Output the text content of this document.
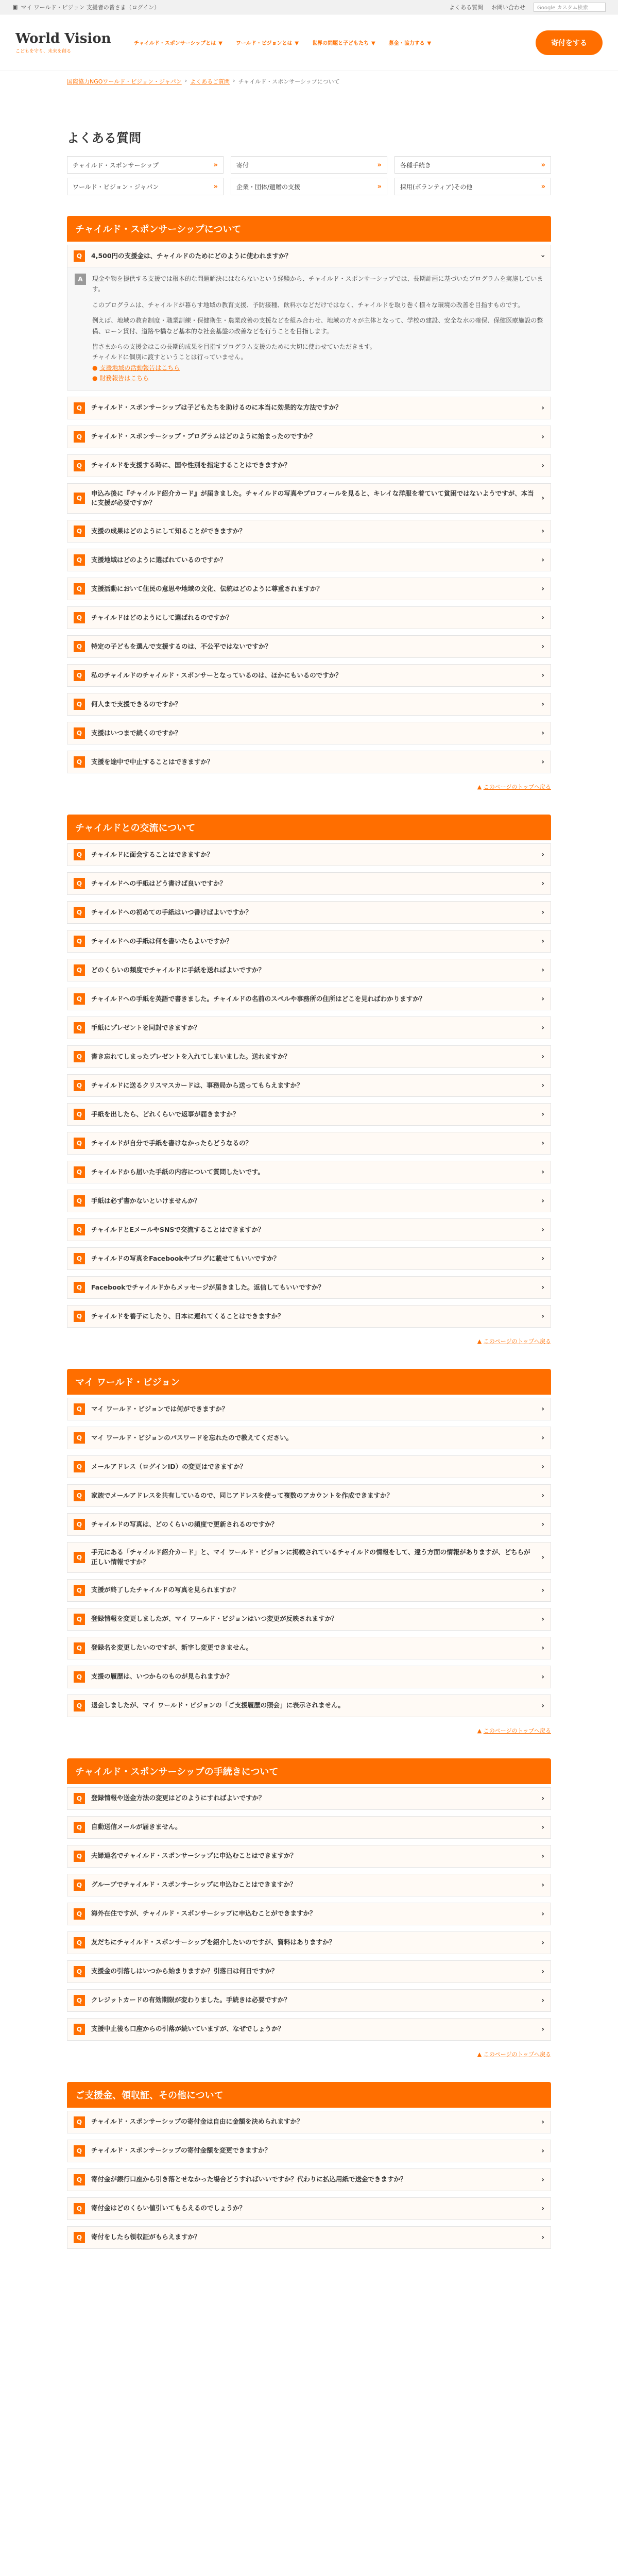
▣ マイ ワールド・ビジョン 支援者の皆さま（ログイン）	よくある質問 お問い合わせ	Google カスタム検索
World Vision
こどもを守り、未来を創る
チャイルド・スポンサーシップとは ▼	ワールド・ビジョンとは ▼	世界の問題と子どもたち ▼	募金・協力する ▼	寄付をする
国際協力NGOワールド・ビジョン・ジャパン › よくあるご質問 › チャイルド・スポンサーシップについて
よくある質問
チャイルド・スポンサーシップ	»	寄付	»	各種手続き	»
ワールド・ビジョン・ジャパン	»	企業・団体/遺贈の支援	»	採用(ボランティア)その他	»
チャイルド・スポンサーシップについて
Q	4,500円の支援金は、チャイルドのためにどのように使われますか？	›
A	現金や物を提供する支援では根本的な問題解決にはならないという経験から、チャイルド・スポンサーシップでは、長期計画に基づいたプログラムを実施しています。

このプログラムは、チャイルドが暮らす地域の教育支援、予防接種、飲料水などだけではなく、チャイルドを取り巻く様々な環境の改善を目指すものです。

例えば、地域の教育制度・職業訓練・保健衛生・農業改善の支援などを組み合わせ、地域の方々が主体となって、学校の建設、安全な水の確保、保健医療施設の整備、ローン貸付、道路や橋など基本的な社会基盤の改善などを行うことを目指します。

皆さまからの支援金はこの長期的成果を目指すプログラム支援のために大切に使わせていただきます。
チャイルドに個別に渡すということは行っていません。
● 支援地域の活動報告はこちら
● 財務報告はこちら
Q	チャイルド・スポンサーシップは子どもたちを助けるのに本当に効果的な方法ですか？	›
Q	チャイルド・スポンサーシップ・プログラムはどのように始まったのですか？	›
Q	チャイルドを支援する時に、国や性別を指定することはできますか？	›
Q
申込み後に『チャイルド紹介カード』が届きました。チャイルドの写真やプロフィールを見ると、キレイな洋服を着ていて貧困ではないようですが、本当に支援が必要ですか？
›
Q	支援の成果はどのようにして知ることができますか？	›
Q	支援地域はどのように選ばれているのですか？	›
Q	支援活動において住民の意思や地域の文化、伝統はどのように尊重されますか？	›
Q	チャイルドはどのようにして選ばれるのですか？	›
Q	特定の子どもを選んで支援するのは、不公平ではないですか？	›
Q	私のチャイルドのチャイルド・スポンサーとなっているのは、ほかにもいるのですか？	›
Q	何人まで支援できるのですか？	›
Q	支援はいつまで続くのですか？	›
Q	支援を途中で中止することはできますか？	›
▲ このページのトップへ戻る
チャイルドとの交流について
Q	チャイルドに面会することはできますか？	›
Q	チャイルドへの手紙はどう書けば良いですか？	›
Q	チャイルドへの初めての手紙はいつ書けばよいですか？	›
Q	チャイルドへの手紙は何を書いたらよいですか？	›
Q	どのくらいの頻度でチャイルドに手紙を送ればよいですか？	›
Q	チャイルドへの手紙を英語で書きました。チャイルドの名前のスペルや事務所の住所はどこを見ればわかりますか？	›
Q	手紙にプレゼントを同封できますか？	›
Q	書き忘れてしまったプレゼントを入れてしまいました。送れますか？	›
Q	チャイルドに送るクリスマスカードは、事務局から送ってもらえますか？	›
Q	手紙を出したら、どれくらいで返事が届きますか？	›
Q	チャイルドが自分で手紙を書けなかったらどうなるの？	›
Q	チャイルドから届いた手紙の内容について質問したいです。	›
Q	手紙は必ず書かないといけませんか？	›
Q	チャイルドとEメールやSNSで交流することはできますか？	›
Q	チャイルドの写真をFacebookやブログに載せてもいいですか？	›
Q	Facebookでチャイルドからメッセージが届きました。返信してもいいですか？	›
Q	チャイルドを養子にしたり、日本に連れてくることはできますか？	›
▲ このページのトップへ戻る
マイ ワールド・ビジョン
Q	マイ ワールド・ビジョンでは何ができますか？	›
Q	マイ ワールド・ビジョンのパスワードを忘れたので教えてください。	›
Q	メールアドレス（ログインID）の変更はできますか？	›
Q	家族でメールアドレスを共有しているので、同じアドレスを使って複数のアカウントを作成できますか？	›
Q	チャイルドの写真は、どのくらいの頻度で更新されるのですか？	›
Q
手元にある「チャイルド紹介カード」と、マイ ワールド・ビジョンに掲載されているチャイルドの情報をして、違う方面の情報がありますが、どちらが正しい情報ですか？
›
Q	支援が終了したチャイルドの写真を見られますか？	›
Q	登録情報を変更しましたが、マイ ワールド・ビジョンはいつ変更が反映されますか？	›
Q	登録名を変更したいのですが、新字し変更できません。	›
Q	支援の履歴は、いつからのものが見られますか？	›
Q	退会しましたが、マイ ワールド・ビジョンの「ご支援履歴の照会」に表示されません。	›
▲ このページのトップへ戻る
チャイルド・スポンサーシップの手続きについて
Q	登録情報や送金方法の変更はどのようにすればよいですか？	›
Q	自動送信メールが届きません。	›
Q	夫婦連名でチャイルド・スポンサーシップに申込むことはできますか？	›
Q	グループでチャイルド・スポンサーシップに申込むことはできますか？	›
Q	海外在住ですが、チャイルド・スポンサーシップに申込むことができますか？	›
Q	友だちにチャイルド・スポンサーシップを紹介したいのですが、資料はありますか？	›
Q	支援金の引落しはいつから始まりますか？引落日は何日ですか？	›
Q	クレジットカードの有効期限が変わりました。手続きは必要ですか？	›
Q	支援中止後も口座からの引落が続いていますが、なぜでしょうか？	›
▲ このページのトップへ戻る
ご支援金、領収証、その他について
Q	チャイルド・スポンサーシップの寄付金は自由に金額を決められますか？	›
Q	チャイルド・スポンサーシップの寄付金額を変更できますか？	›
Q	寄付金が銀行口座から引き落とせなかった場合どうすればいいですか？代わりに払込用紙で送金できますか？	›
Q	寄付金はどのくらい値引いてもらえるのでしょうか？	›
Q	寄付をしたら領収証がもらえますか？	›
